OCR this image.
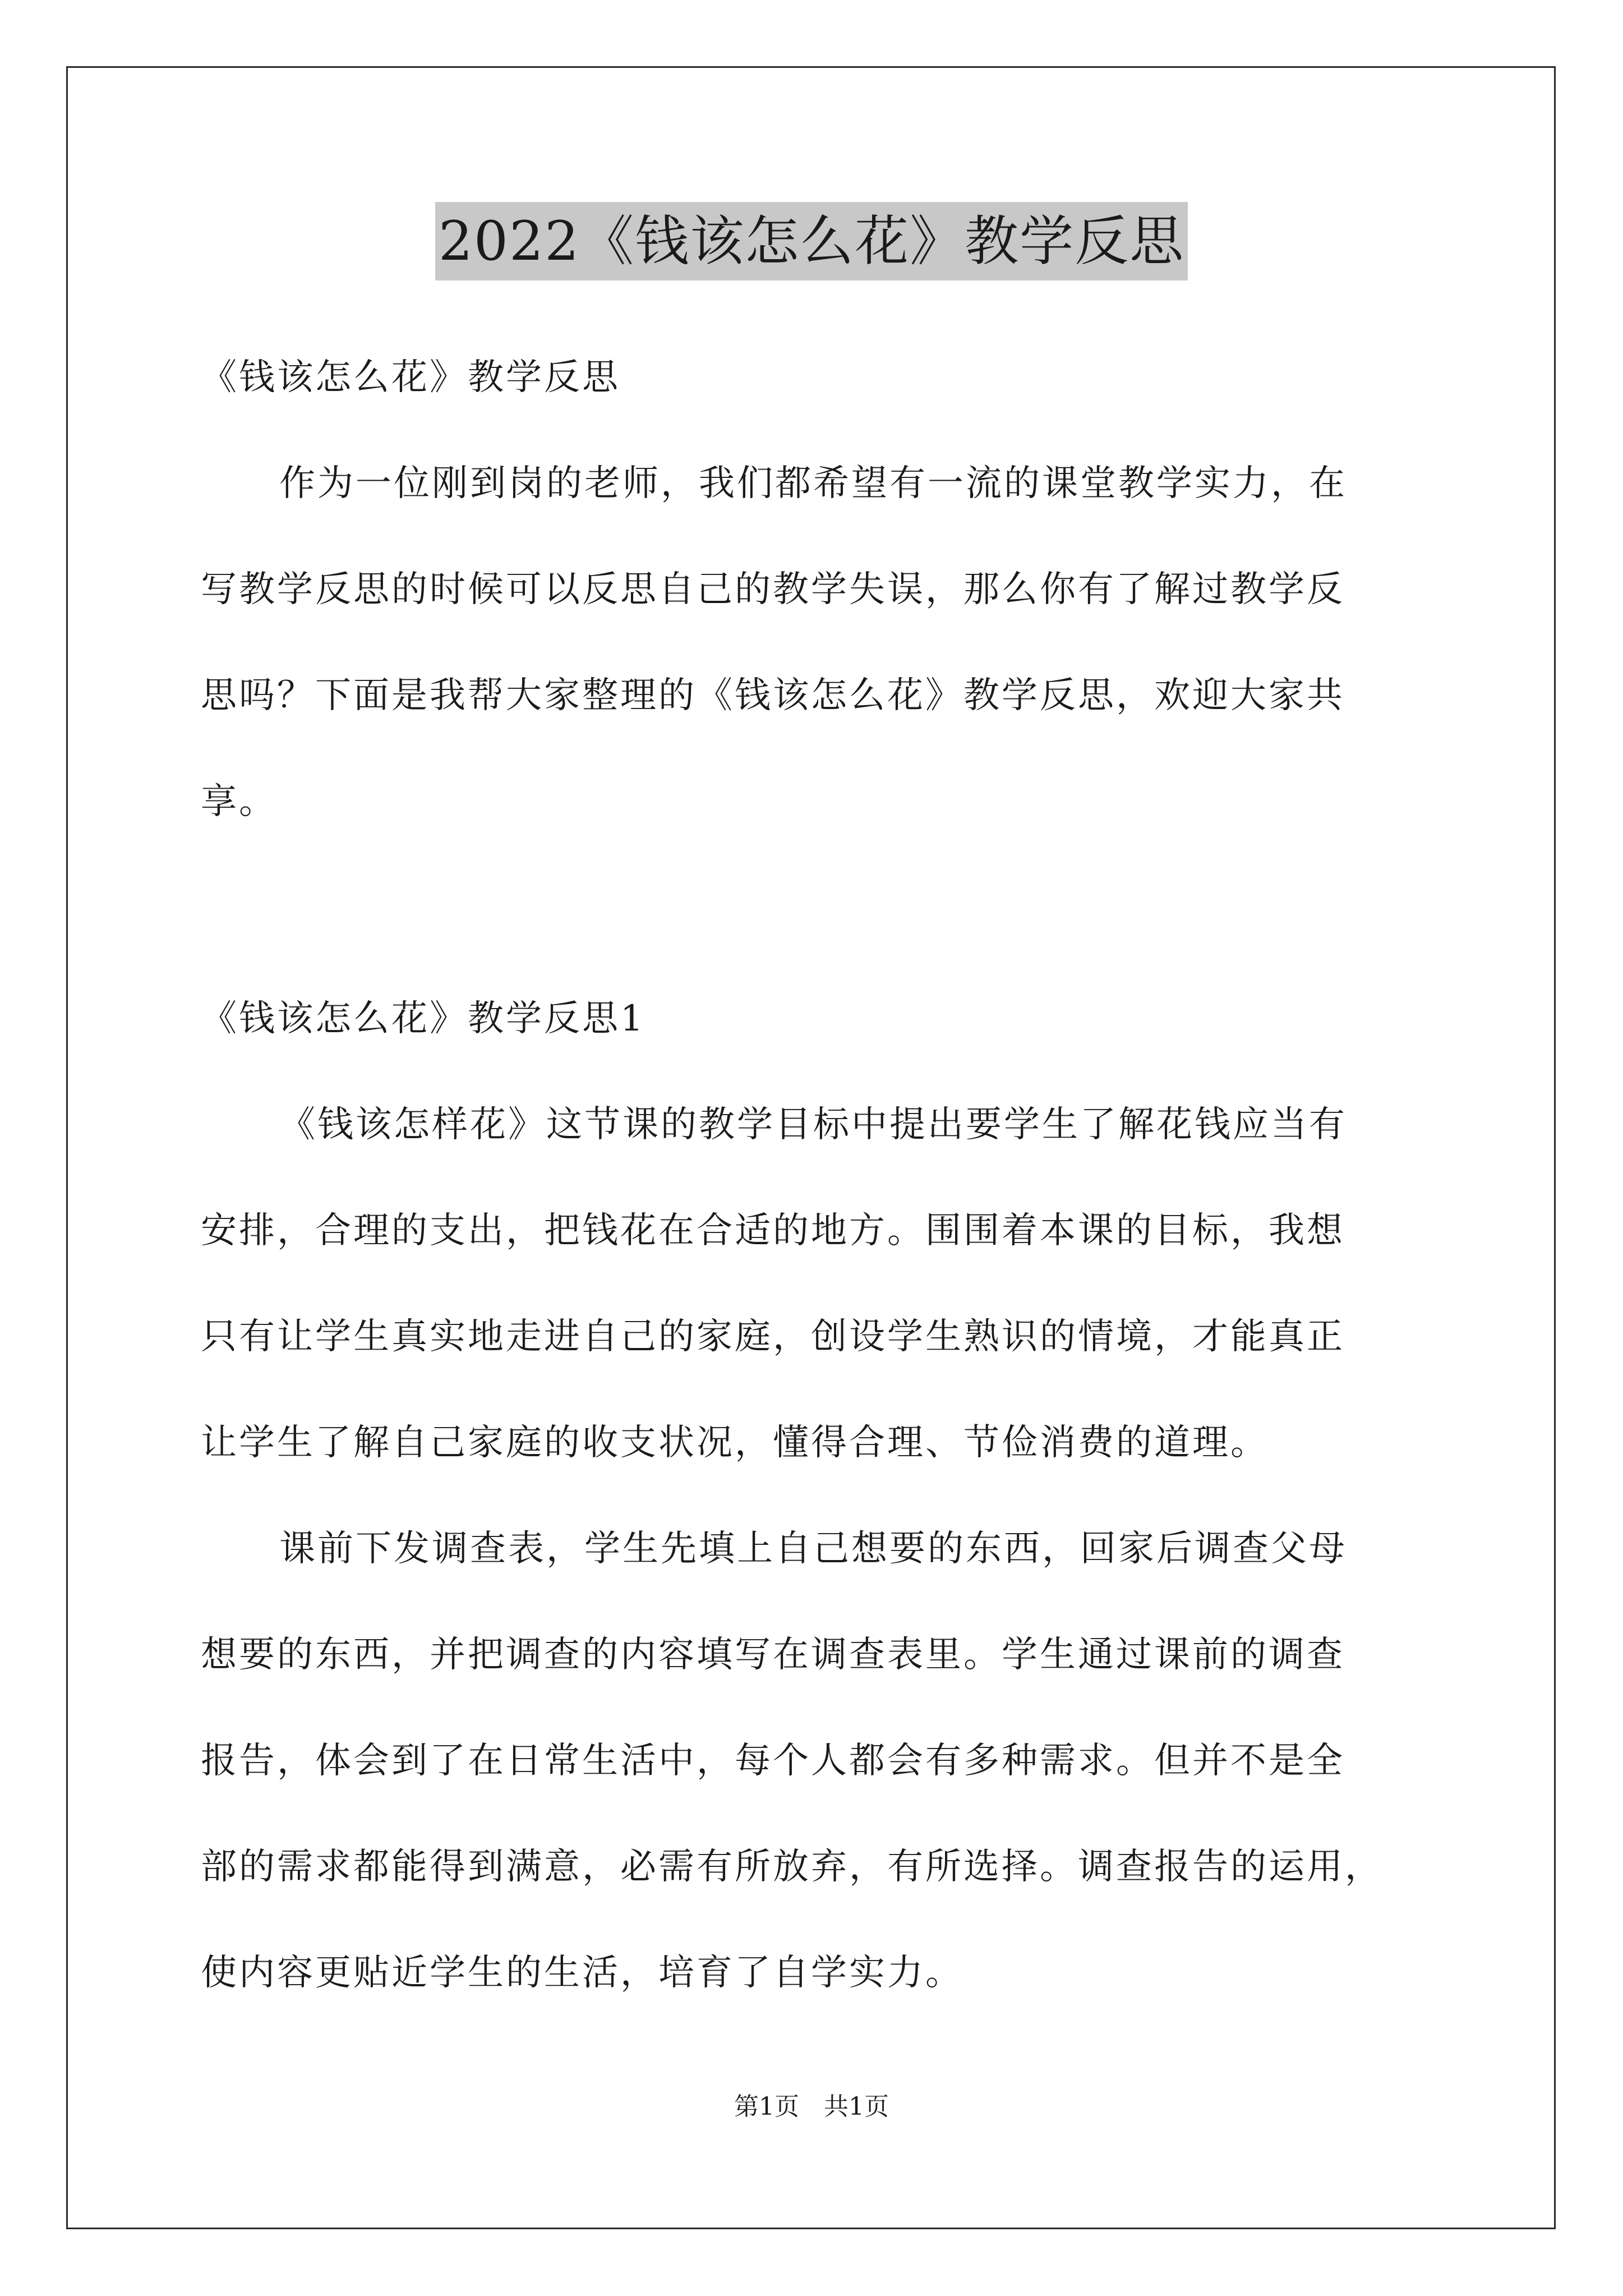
2022《钱该怎么花》教学反思
《钱该怎么花》教学反思
作为一位刚到岗的老师，我们都希望有一流的课堂教学实力，在
写教学反思的时候可以反思自己的教学失误，那么你有了解过教学反
思吗？下面是我帮大家整理的《钱该怎么花》教学反思，欢迎大家共
享。
《钱该怎么花》教学反思1
《钱该怎样花》这节课的教学目标中提出要学生了解花钱应当有
安排，合理的支出，把钱花在合适的地方。围围着本课的目标，我想
只有让学生真实地走进自己的家庭，创设学生熟识的情境，才能真正
让学生了解自己家庭的收支状况，懂得合理、节俭消费的道理。
课前下发调查表，学生先填上自己想要的东西，回家后调查父母
想要的东西，并把调查的内容填写在调查表里。学生通过课前的调查
报告，体会到了在日常生活中，每个人都会有多种需求。但并不是全
部的需求都能得到满意，必需有所放弃，有所选择。调查报告的运用，
使内容更贴近学生的生活，培育了自学实力。
第1页　共1页
